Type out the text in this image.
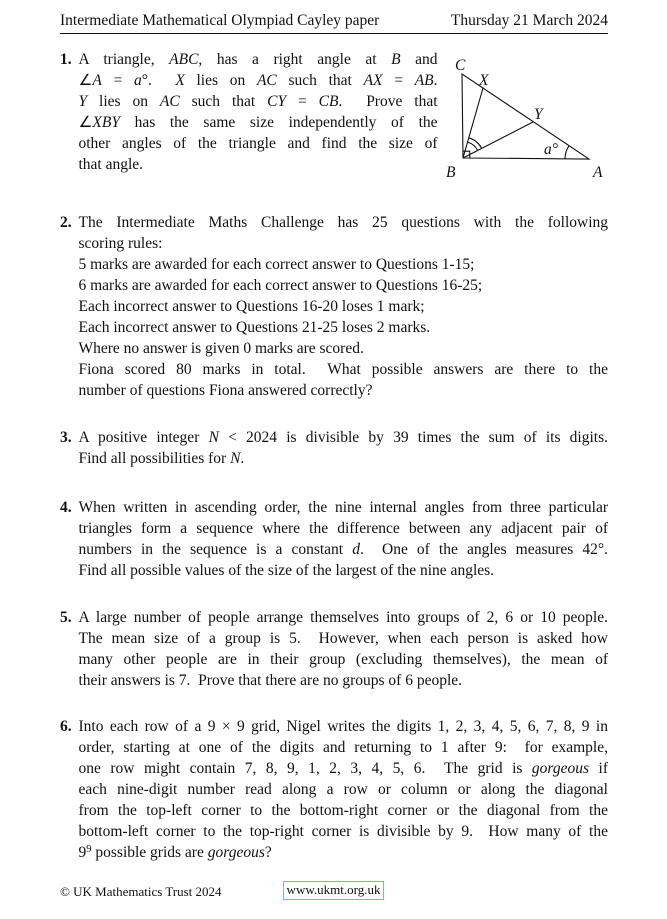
Intermediate Mathematical Olympiad Cayley paper	Thursday 21 March 2024
1. A triangle, ABC, has a right angle at B and
∠A = a°.  X lies on AC such that AX = AB.
Y lies on AC such that CY = CB.  Prove that
∠XBY has the same size independently of the
other angles of the triangle and find the size of
that angle.
2. The Intermediate Maths Challenge has 25 questions with the following
scoring rules:
5 marks are awarded for each correct answer to Questions 1-15;
6 marks are awarded for each correct answer to Questions 16-25;
Each incorrect answer to Questions 16-20 loses 1 mark;
Each incorrect answer to Questions 21-25 loses 2 marks.
Where no answer is given 0 marks are scored.
Fiona scored 80 marks in total.  What possible answers are there to the
number of questions Fiona answered correctly?
3. A positive integer N < 2024 is divisible by 39 times the sum of its digits.
Find all possibilities for N.
4. When written in ascending order, the nine internal angles from three particular
triangles form a sequence where the difference between any adjacent pair of
numbers in the sequence is a constant d.  One of the angles measures 42°.
Find all possible values of the size of the largest of the nine angles.
5. A large number of people arrange themselves into groups of 2, 6 or 10 people.
The mean size of a group is 5.  However, when each person is asked how
many other people are in their group (excluding themselves), the mean of
their answers is 7.  Prove that there are no groups of 6 people.
6. Into each row of a 9 × 9 grid, Nigel writes the digits 1, 2, 3, 4, 5, 6, 7, 8, 9 in
order, starting at one of the digits and returning to 1 after 9:  for example,
one row might contain 7, 8, 9, 1, 2, 3, 4, 5, 6.  The grid is gorgeous if
each nine-digit number read along a row or column or along the diagonal
from the top-left corner to the bottom-right corner or the diagonal from the
bottom-left corner to the top-right corner is divisible by 9.  How many of the
$9^9$ possible grids are gorgeous?
C
X
Y
B	A
a°
© UK Mathematics Trust 2024	www.ukmt.org.uk
